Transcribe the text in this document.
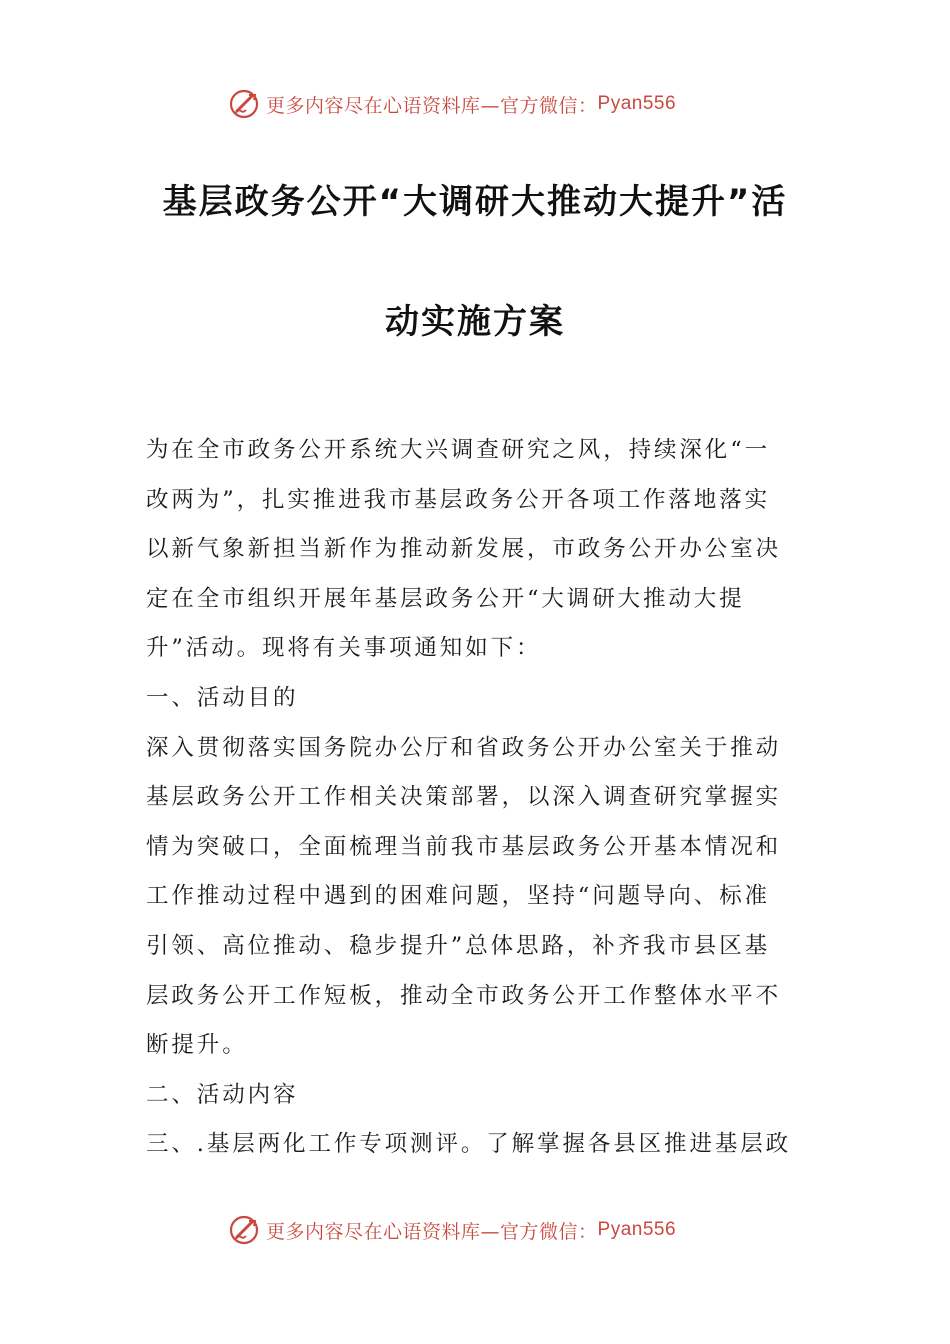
更多内容尽在心语资料库—官方微信： Pyan556
基层政务公开“大调研大推动大提升”活
动实施方案
为在全市政务公开系统大兴调查研究之风，持续深化“一
改两为”，扎实推进我市基层政务公开各项工作落地落实
以新气象新担当新作为推动新发展，市政务公开办公室决
定在全市组织开展年基层政务公开“大调研大推动大提
升”活动。现将有关事项通知如下：
一、活动目的
深入贯彻落实国务院办公厅和省政务公开办公室关于推动
基层政务公开工作相关决策部署，以深入调查研究掌握实
情为突破口，全面梳理当前我市基层政务公开基本情况和
工作推动过程中遇到的困难问题，坚持“问题导向、标准
引领、高位推动、稳步提升”总体思路，补齐我市县区基
层政务公开工作短板，推动全市政务公开工作整体水平不
断提升。
二、活动内容
三、.基层两化工作专项测评。了解掌握各县区推进基层政
更多内容尽在心语资料库—官方微信： Pyan556
